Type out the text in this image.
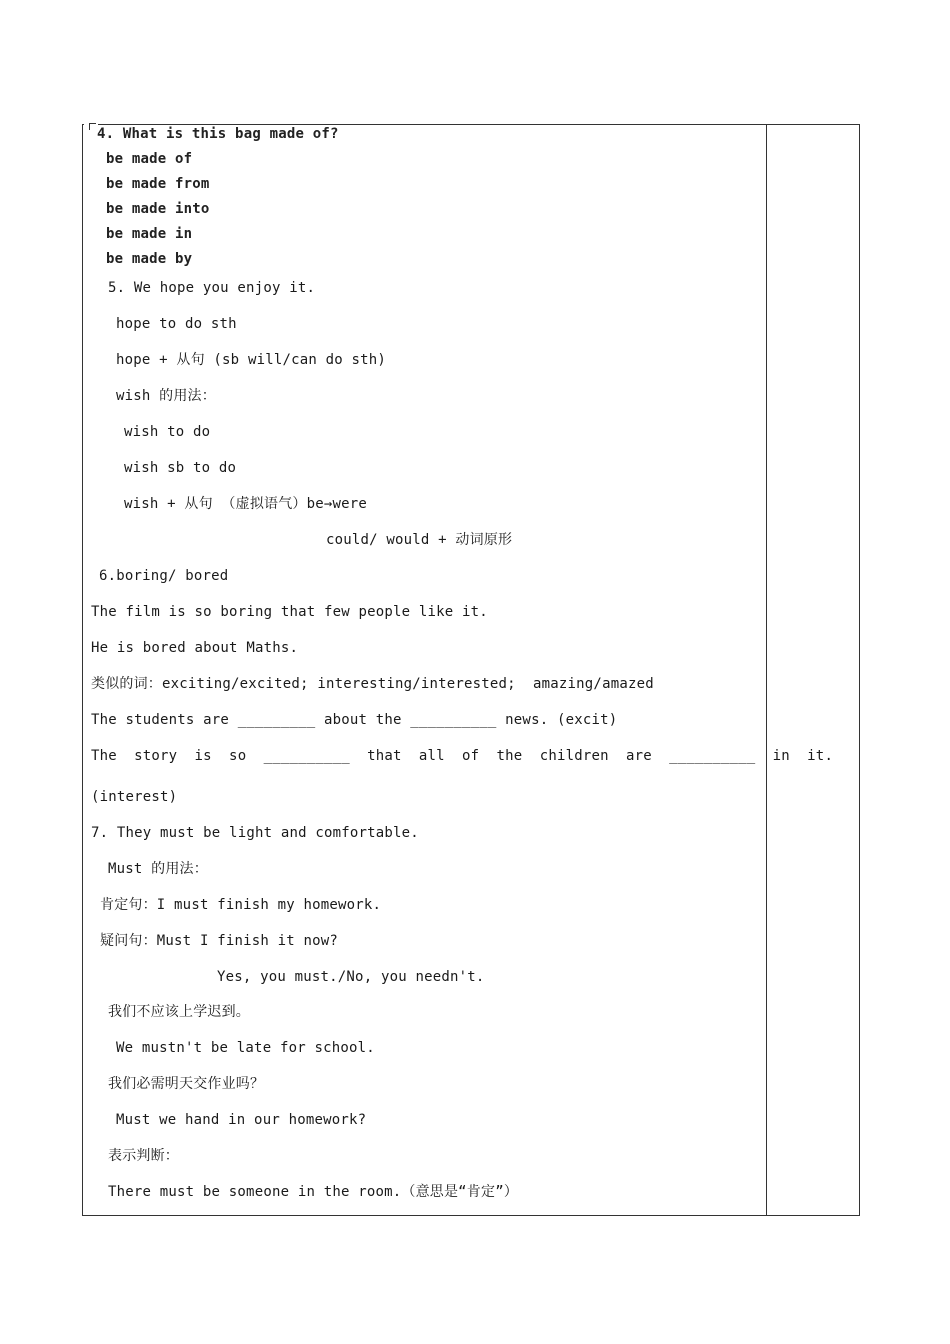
4. What is this bag made of?
be made of
be made from
be made into
be made in
be made by
5. We hope you enjoy it.
hope to do sth
hope + 从句 (sb will/can do sth)
wish 的用法：
wish to do
wish sb to do
wish + 从句 （虚拟语气）be→were
could/ would + 动词原形
6.boring/ bored
The film is so boring that few people like it.
He is bored about Maths.
类似的词：exciting/excited; interesting/interested;  amazing/amazed
The students are _________ about the __________ news. (excit)
The  story  is  so  __________  that  all  of  the  children  are  __________  in  it.
(interest)
7. They must be light and comfortable.
Must 的用法：
肯定句：I must finish my homework.
疑问句：Must I finish it now?
Yes, you must./No, you needn't.
我们不应该上学迟到。
We mustn't be late for school.
我们必需明天交作业吗？
Must we hand in our homework?
表示判断：
There must be someone in the room.（意思是“肯定”）
